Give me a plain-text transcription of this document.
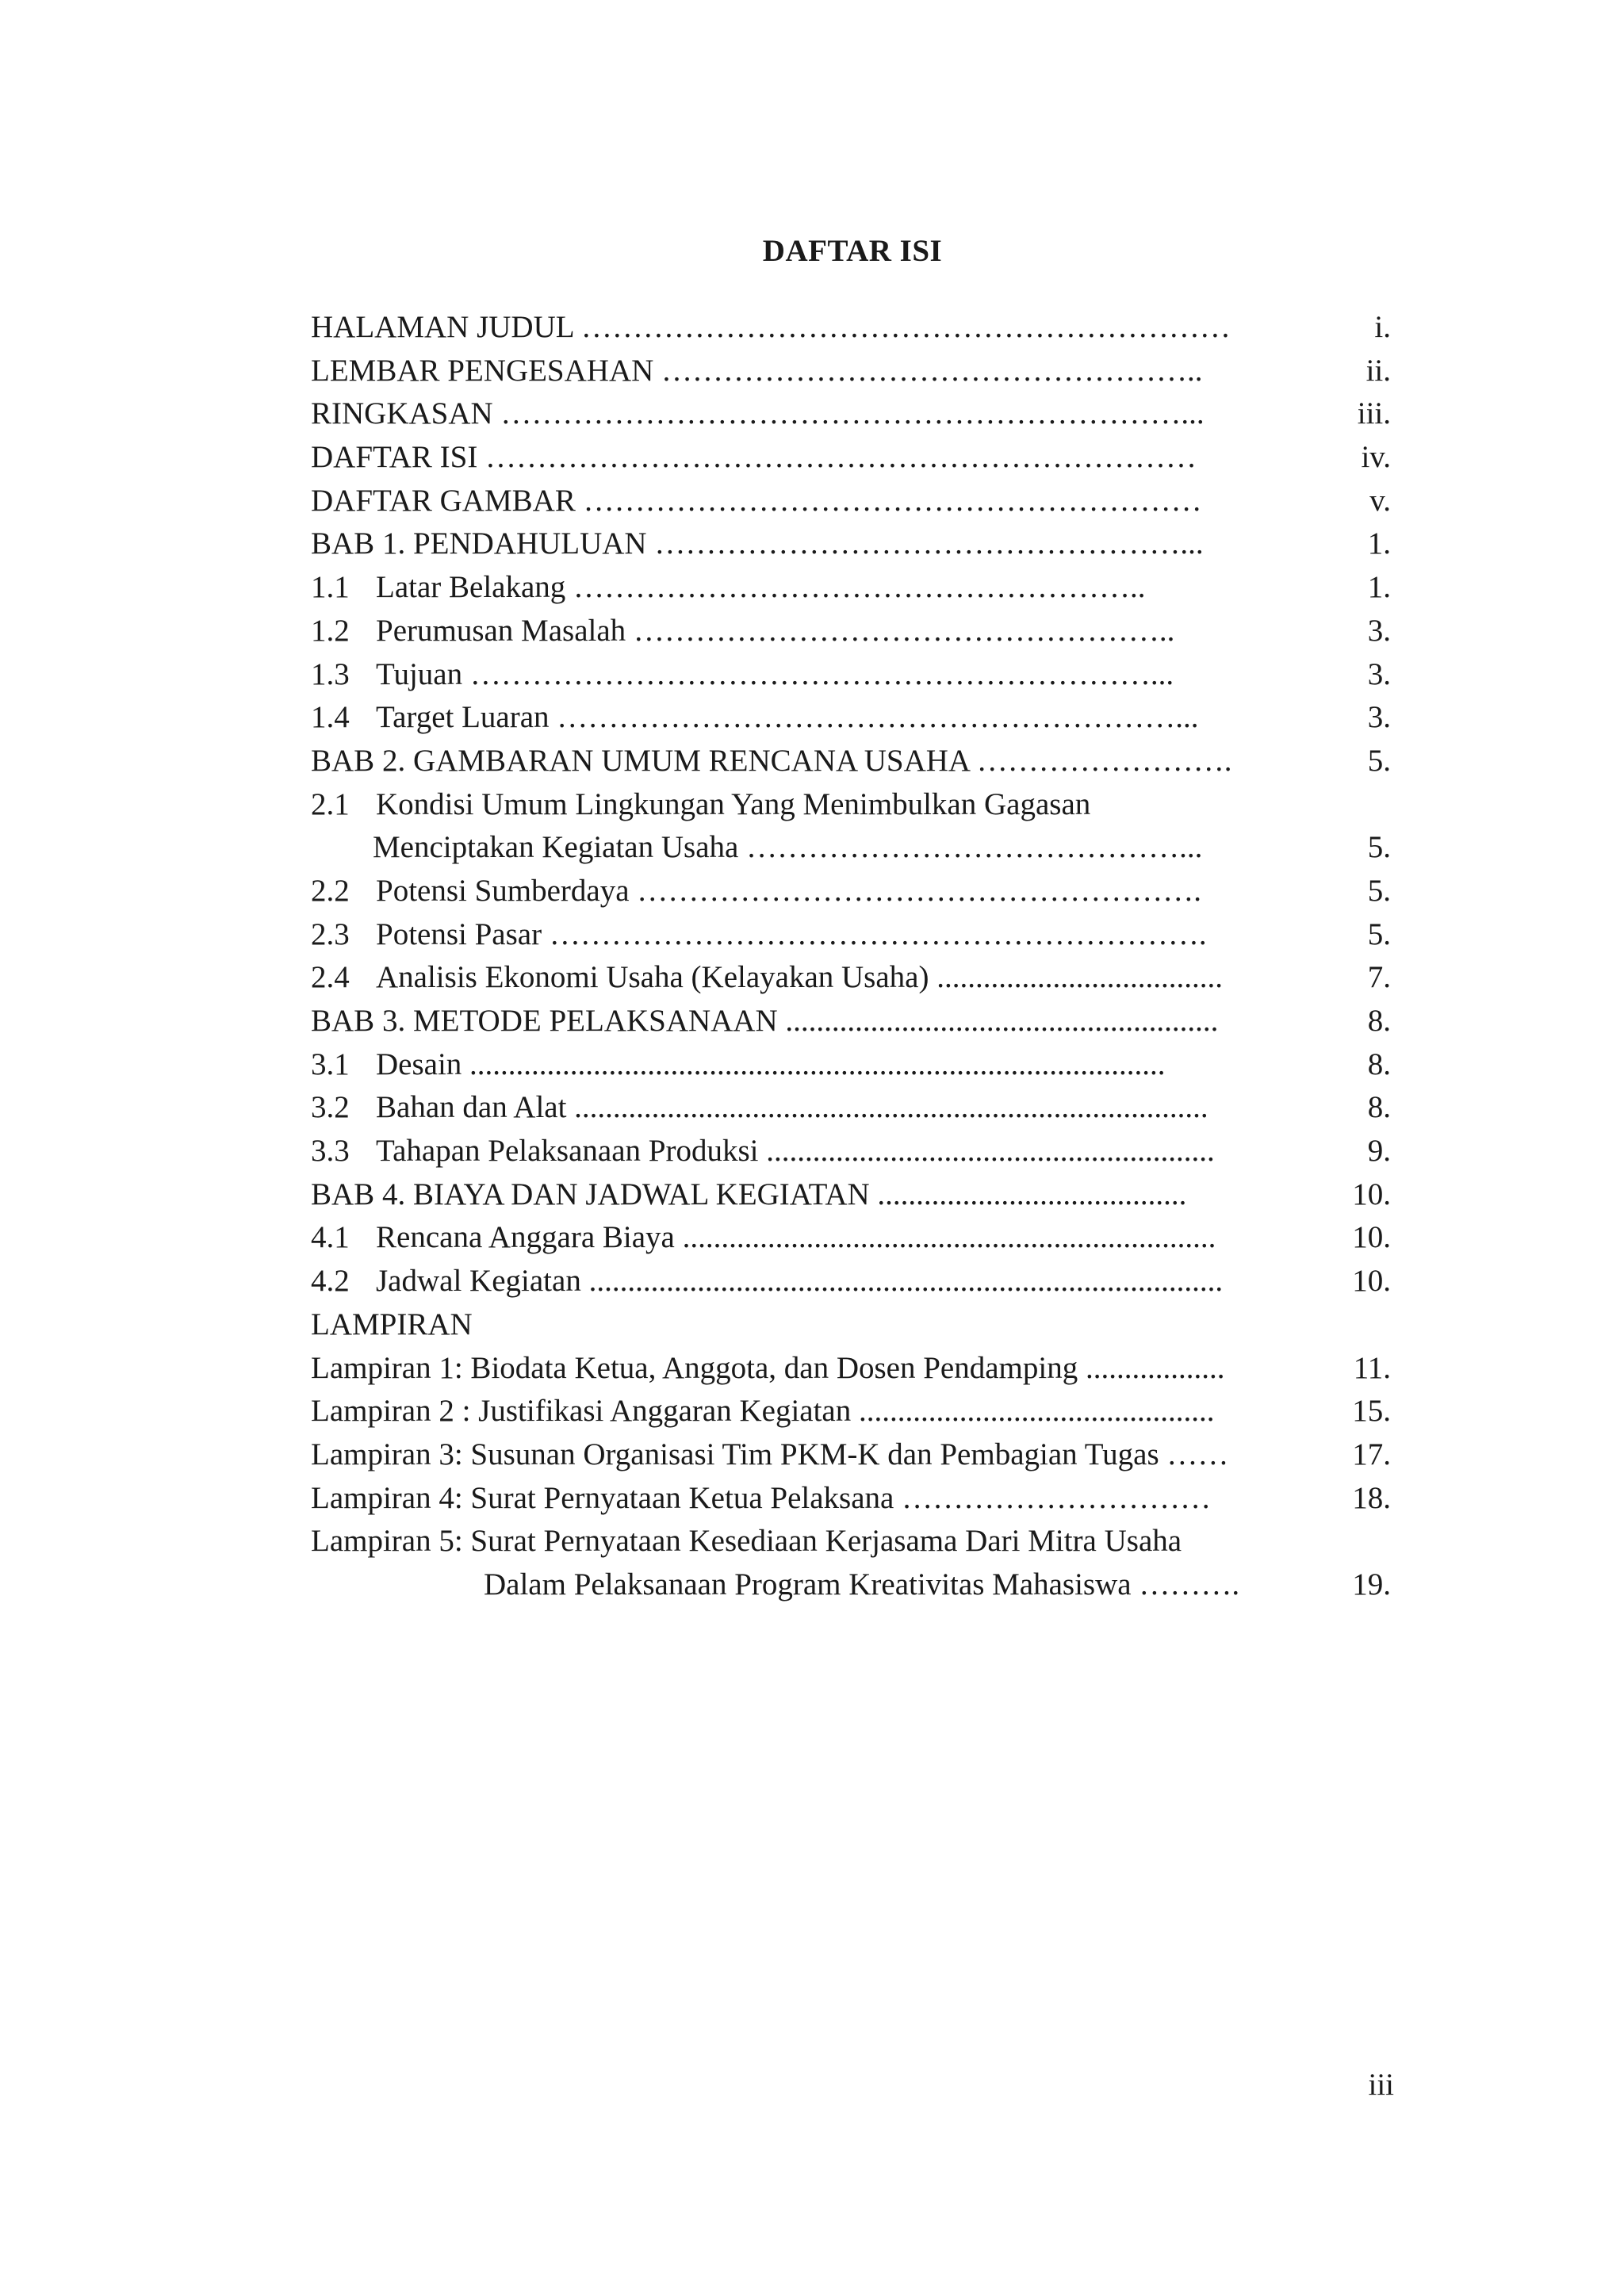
DAFTAR ISI
HALAMAN JUDUL ………………………………………………………	i.
LEMBAR PENGESAHAN ……………………………………………..	ii.
RINGKASAN …………………………………………………………...	iii.
DAFTAR ISI ……………………………………………………………	iv.
DAFTAR GAMBAR ……………………………………………………	v.
BAB 1. PENDAHULUAN ……………………………………………...	1.
1.1 Latar Belakang ………………………………………………..	1.
1.2 Perumusan Masalah ……………………………………………..	3.
1.3 Tujuan …………………………………………………………...	3.
1.4 Target Luaran ……………………………………………………...	3.
BAB 2. GAMBARAN UMUM RENCANA USAHA …………………….	5.
2.1 Kondisi Umum Lingkungan Yang Menimbulkan Gagasan
Menciptakan Kegiatan Usaha ……………………………………...	5.
2.2 Potensi Sumberdaya ……………………………………………….	5.
2.3 Potensi Pasar ……………………………………………………….	5.
2.4 Analisis Ekonomi Usaha (Kelayakan Usaha) .....................................	7.
BAB 3. METODE PELAKSANAAN ........................................................	8.
3.1 Desain ..........................................................................................	8.
3.2 Bahan dan Alat ..................................................................................	8.
3.3 Tahapan Pelaksanaan Produksi ..........................................................	9.
BAB 4. BIAYA DAN JADWAL KEGIATAN ........................................	10.
4.1 Rencana Anggara Biaya .....................................................................	10.
4.2 Jadwal Kegiatan ..................................................................................	10.
LAMPIRAN
Lampiran 1: Biodata Ketua, Anggota, dan Dosen Pendamping ..................	11.
Lampiran 2 : Justifikasi Anggaran Kegiatan ..............................................	15.
Lampiran 3: Susunan Organisasi Tim PKM-K dan Pembagian Tugas ……	17.
Lampiran 4: Surat Pernyataan Ketua Pelaksana …………………………	18.
Lampiran 5: Surat Pernyataan Kesediaan Kerjasama Dari Mitra Usaha
Dalam Pelaksanaan Program Kreativitas Mahasiswa ……….	19.
iii
